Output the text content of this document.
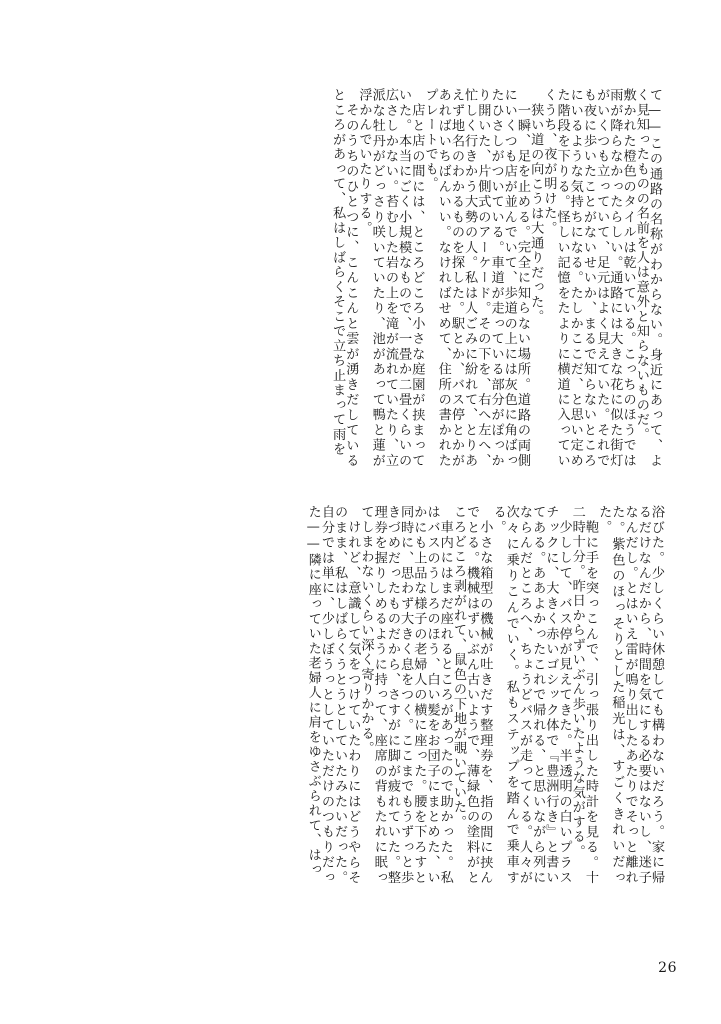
て——この通路の名称がわからない。身近にあって、よく見知ったものの名前を人は意外と知らないものだ。

敷かれた橙色のタイルは乾いている。こっちのほうでは雨が降らなかったらしい。通路には大きな花に似た街灯がいくつも立っていて、足元はよく見えていた。それでも夜に歩いたことがないせいか、まるで知らないところにいるような気持ちになる。たしかここだ、と思い定めた階段を下りる。怪しい記憶をたよりに横道に入っていくうち、夜が明けた。

狭い道の向こうは大通りだった。

一瞬、足を止める。完全に知らない場所。道路の両側にいくつも店が並んでいて、歩道の上には灰色に角ばったひさしがついている。車道が走っている部分がぽっかり開いた、片側式のアーケード。その下を、右へ左へ、忙しく行きかう大勢の人。私は人ごみに紛れて、とりあえず地名のわかるものを探した。駅とか、バス停とかがあればいちばんいい。なければせめて、住所の書かれたプレートでも。

店と店の間には、ところどころ小さな庭園が挟まっていた。本当にごく小規模なもので、一畳か二畳くらいの広さしかない。苔むした岩の上を滝が流れていたり、立派な牡丹がどっさり咲いていたり、池があって鴨と蓮が浮かんでいたりする。

そのうちのひとつに、こんこんと雲が湧きだしているところがあって、私はしばらくそこで立ち止まって雨を

浴びた。少しくらい休憩しても構わないだろう。家に帰るだけなんだから、時間を気にする必要はないし、迷子なんだし。とはいえ雷が鳴り出したあたりでそっと離れた。紫色のほっそりとした稲光は、すごくきれいだった。

鞄に手を突っこんで、引っ張り出した時計を見る。十二時十分。昨日からずいぶん歩いたような気がする。

少しして、バス停が見えてきた。半透明の白いプラスチックに、大きく赤いゴシック体で『豊洲行き』と書いてある。ああよかったこれで帰れる、と思いながら列にならんだところへ、ちょうどバスが走ってくる。人々が次々に乗りこんでいく。私もステップを踏んで乗車する。

小さな箱型の機械が吐きだす整理券を、指の間に挟んでとる。機械はずいぶん古いようで、薄緑色の塗料がところどころ剥がれて、鼠色の下地が覗いていた。

車内にはまだ座れるところがあったので助かった。私はバスのうしろのほう、白い髪をお団子にまとめた、いかにも上品な様子の老婦人の横に座った。腰を下ろすと同時に、思わず大きく息をつく。ここまでもうずっと歩きづめだったものだから、さすがに脚が疲れていた。整理券を握りしめるように持って、座席の背もたれに眠ってしまわないくらい深く寄りかかる。

けれど、意識して気をつけていたわりにはどうやらそのまま、私はしばらくうとうとしていたみたいだった。自分では単に、少しぼうっとしていただけのつもりだった——隣に座っていた老婦人に肩をゆさぶられて、はっ

26
